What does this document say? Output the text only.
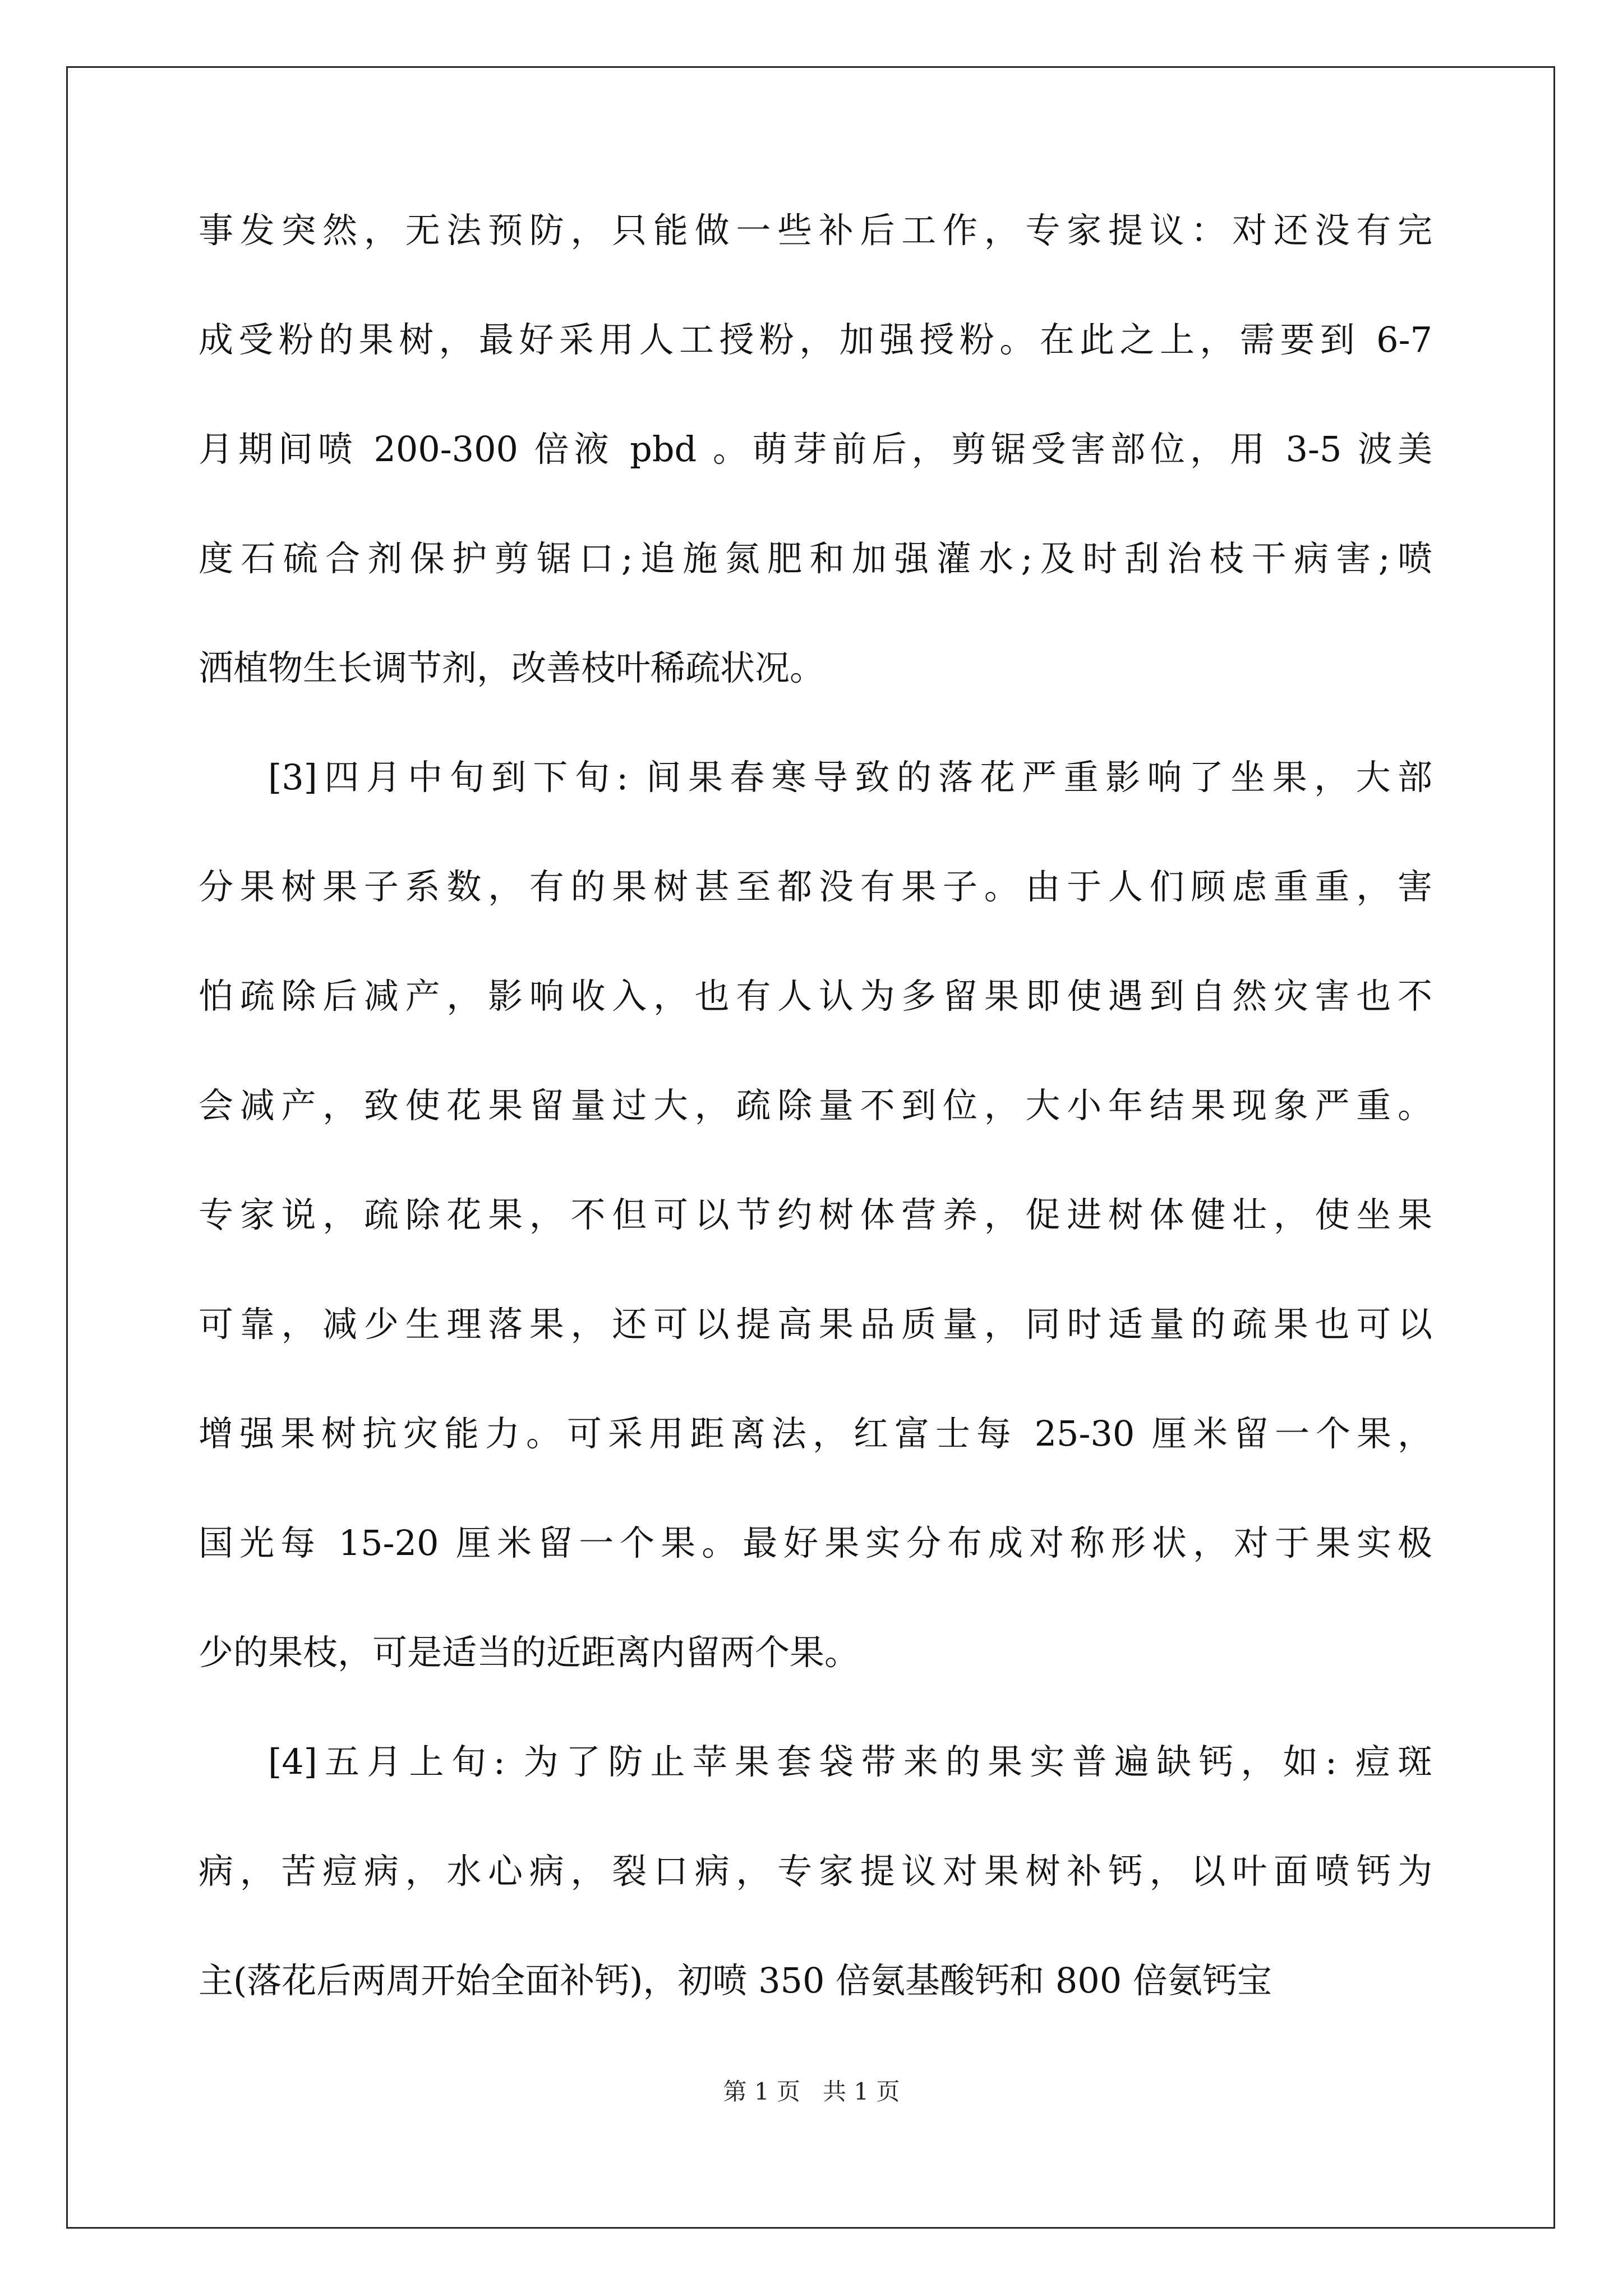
事发突然，无法预防，只能做一些补后工作，专家提议：对还没有完
成受粉的果树，最好采用人工授粉，加强授粉。在此之上，需要到 6-7
月期间喷 200-300 倍液 pbd 。萌芽前后，剪锯受害部位，用 3-5 波美
度石硫合剂保护剪锯口;追施氮肥和加强灌水;及时刮治枝干病害;喷
洒植物生长调节剂，改善枝叶稀疏状况。
[3]四月中旬到下旬: 间果春寒导致的落花严重影响了坐果，大部
分果树果子系数，有的果树甚至都没有果子。由于人们顾虑重重，害
怕疏除后减产，影响收入，也有人认为多留果即使遇到自然灾害也不
会减产，致使花果留量过大，疏除量不到位，大小年结果现象严重。
专家说，疏除花果，不但可以节约树体营养，促进树体健壮，使坐果
可靠，减少生理落果，还可以提高果品质量，同时适量的疏果也可以
增强果树抗灾能力。可采用距离法，红富士每 25-30 厘米留一个果，
国光每 15-20 厘米留一个果。最好果实分布成对称形状，对于果实极
少的果枝，可是适当的近距离内留两个果。
[4]五月上旬: 为了防止苹果套袋带来的果实普遍缺钙，如: 痘斑
病，苦痘病，水心病，裂口病，专家提议对果树补钙，以叶面喷钙为
主(落花后两周开始全面补钙)，初喷 350 倍氨基酸钙和 800 倍氨钙宝
第 1 页   共 1 页
